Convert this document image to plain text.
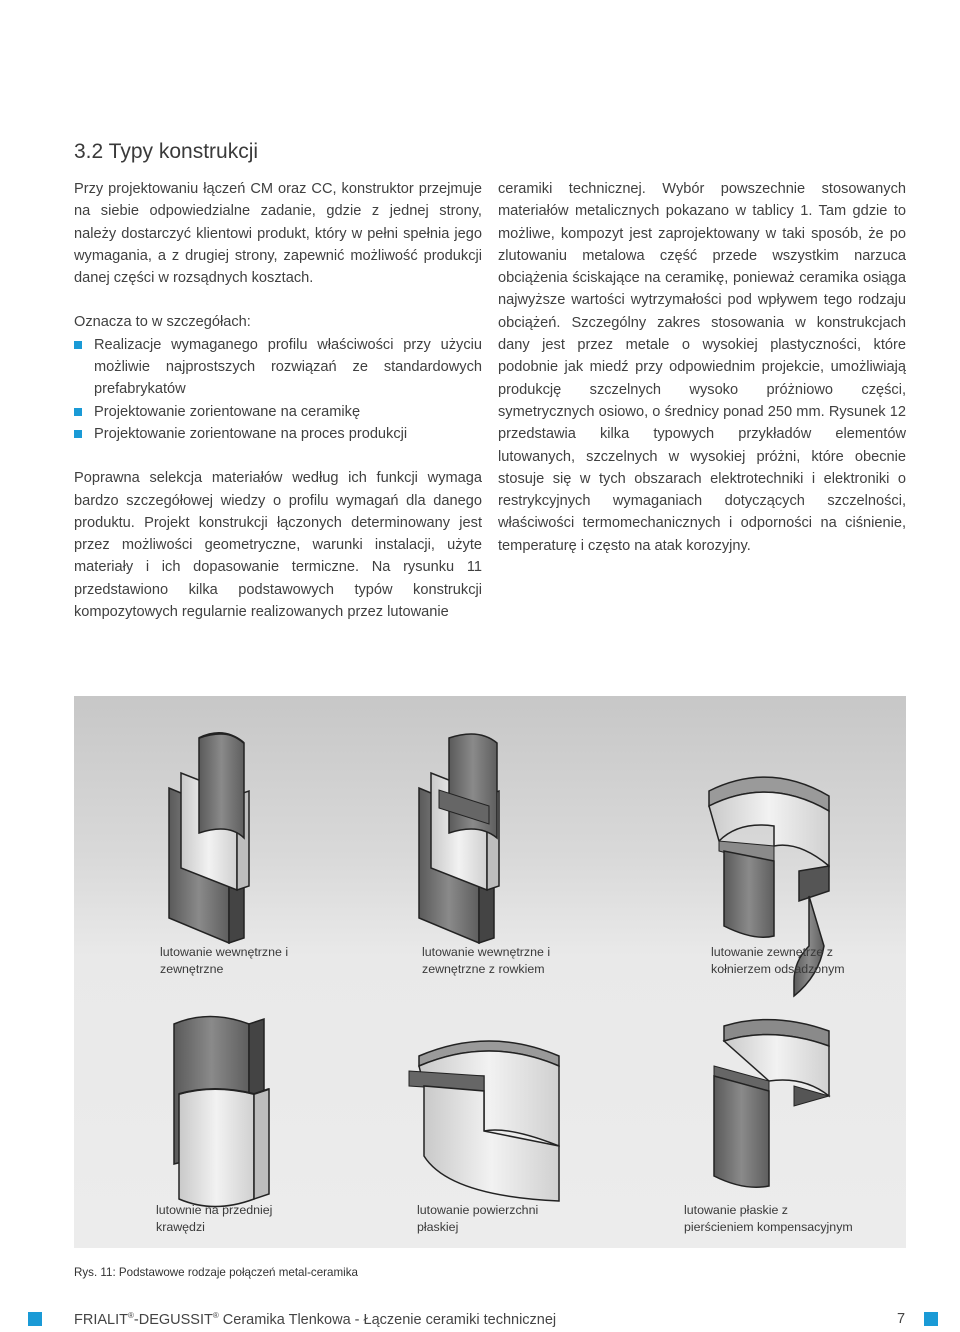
3.2 Typy konstrukcji

Przy projektowaniu łączeń CM oraz CC, konstruktor przejmuje na siebie odpowiedzialne zadanie, gdzie z jednej strony, należy dostarczyć klientowi produkt, który w pełni spełnia jego wymagania, a z drugiej strony, zapewnić możliwość produkcji danej części w rozsądnych kosztach.

Oznacza to w szczegółach:

Realizacje wymaganego profilu właściwości przy użyciu możliwie najprostszych rozwiązań ze standardowych prefabrykatów
Projektowanie zorientowane na ceramikę
Projektowanie zorientowane na proces produkcji

Poprawna selekcja materiałów według ich funkcji wymaga bardzo szczegółowej wiedzy o profilu wymagań dla danego produktu. Projekt konstrukcji łączonych determinowany jest przez możliwości geometryczne, warunki instalacji, użyte materiały i ich dopasowanie termiczne. Na rysunku 11 przedstawiono kilka podstawowych typów konstrukcji kompozytowych regularnie realizowanych przez lutowanie

ceramiki technicznej. Wybór powszechnie stosowanych materiałów metalicznych pokazano w tablicy 1. Tam gdzie to możliwe, kompozyt jest zaprojektowany w taki sposób, że po zlutowaniu metalowa część przede wszystkim narzuca obciążenia ściskające na ceramikę, ponieważ ceramika osiąga najwyższe wartości wytrzymałości pod wpływem tego rodzaju obciążeń. Szczególny zakres stosowania w konstrukcjach dany jest przez metale o wysokiej plastyczności, które podobnie jak miedź przy odpowiednim projekcie, umożliwiają produkcję szczelnych wysoko próżniowo części, symetrycznych osiowo, o średnicy ponad 250 mm. Rysunek 12 przedstawia kilka typowych przykładów elementów lutowanych, szczelnych w wysokiej próżni, które obecnie stosuje się w tych obszarach elektrotechniki i elektroniki o restrykcyjnych wymaganiach dotyczących szczelności, właściwości termomechanicznych i odporności na ciśnienie, temperaturę i często na atak korozyjny.

lutowanie wewnętrzne i
zewnętrzne
lutowanie wewnętrzne i
zewnętrzne z rowkiem
lutowanie zewnętrze z
kołnierzem odsadzonym
lutownie na przedniej
krawędzi
lutowanie powierzchni
płaskiej
lutowanie płaskie z
pierścieniem kompensacyjnym
Rys. 11: Podstawowe rodzaje połączeń metal-ceramika
FRIALIT®-DEGUSSIT® Ceramika Tlenkowa - Łączenie ceramiki technicznej	7
